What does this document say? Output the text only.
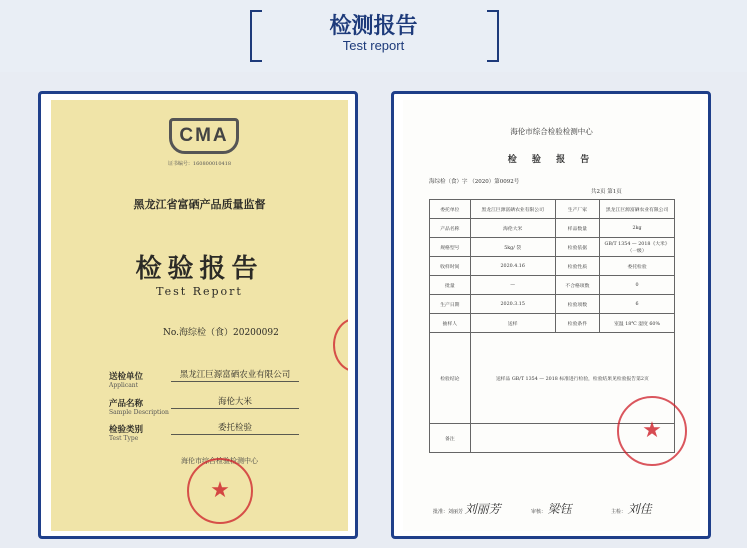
检测报告
Test report
CMA
证书编号：160800010418
黑龙江省富硒产品质量监督
检验报告
Test Report
No.海综检（食）20200092
送检单位
Applicant
黑龙江巨源富硒农业有限公司
产品名称
Sample Description
海伦大米
检验类别
Test Type
委托检验
海伦市综合检验检测中心
★
海伦市综合检验检测中心
检 验 报 告
海综检（食）字 （2020）第0092号
共2页 第1页
委托单位	黑龙江巨源富硒农业有限公司	生产厂家	黑龙江巨源富硒农业有限公司
产品名称	海伦大米	样品数量	2kg
规格型号	5kg/ 袋	检验依据	GB/T 1354 — 2018《大米》（一级）
收样时间	2020.4.16	检验性质	委托检验
批量	—	不合格项数	0
生产日期	2020.3.15	检验项数	6
抽样人	送样	检验条件	室温 18℃ 湿度 60%
检验结论	送样品 GB/T 1354 — 2018 标准进行检验，检验结果见检验报告第2页		
备注				★
批准：刘丽芳 刘丽芳	审核： 梁钰	主检： 刘佳
